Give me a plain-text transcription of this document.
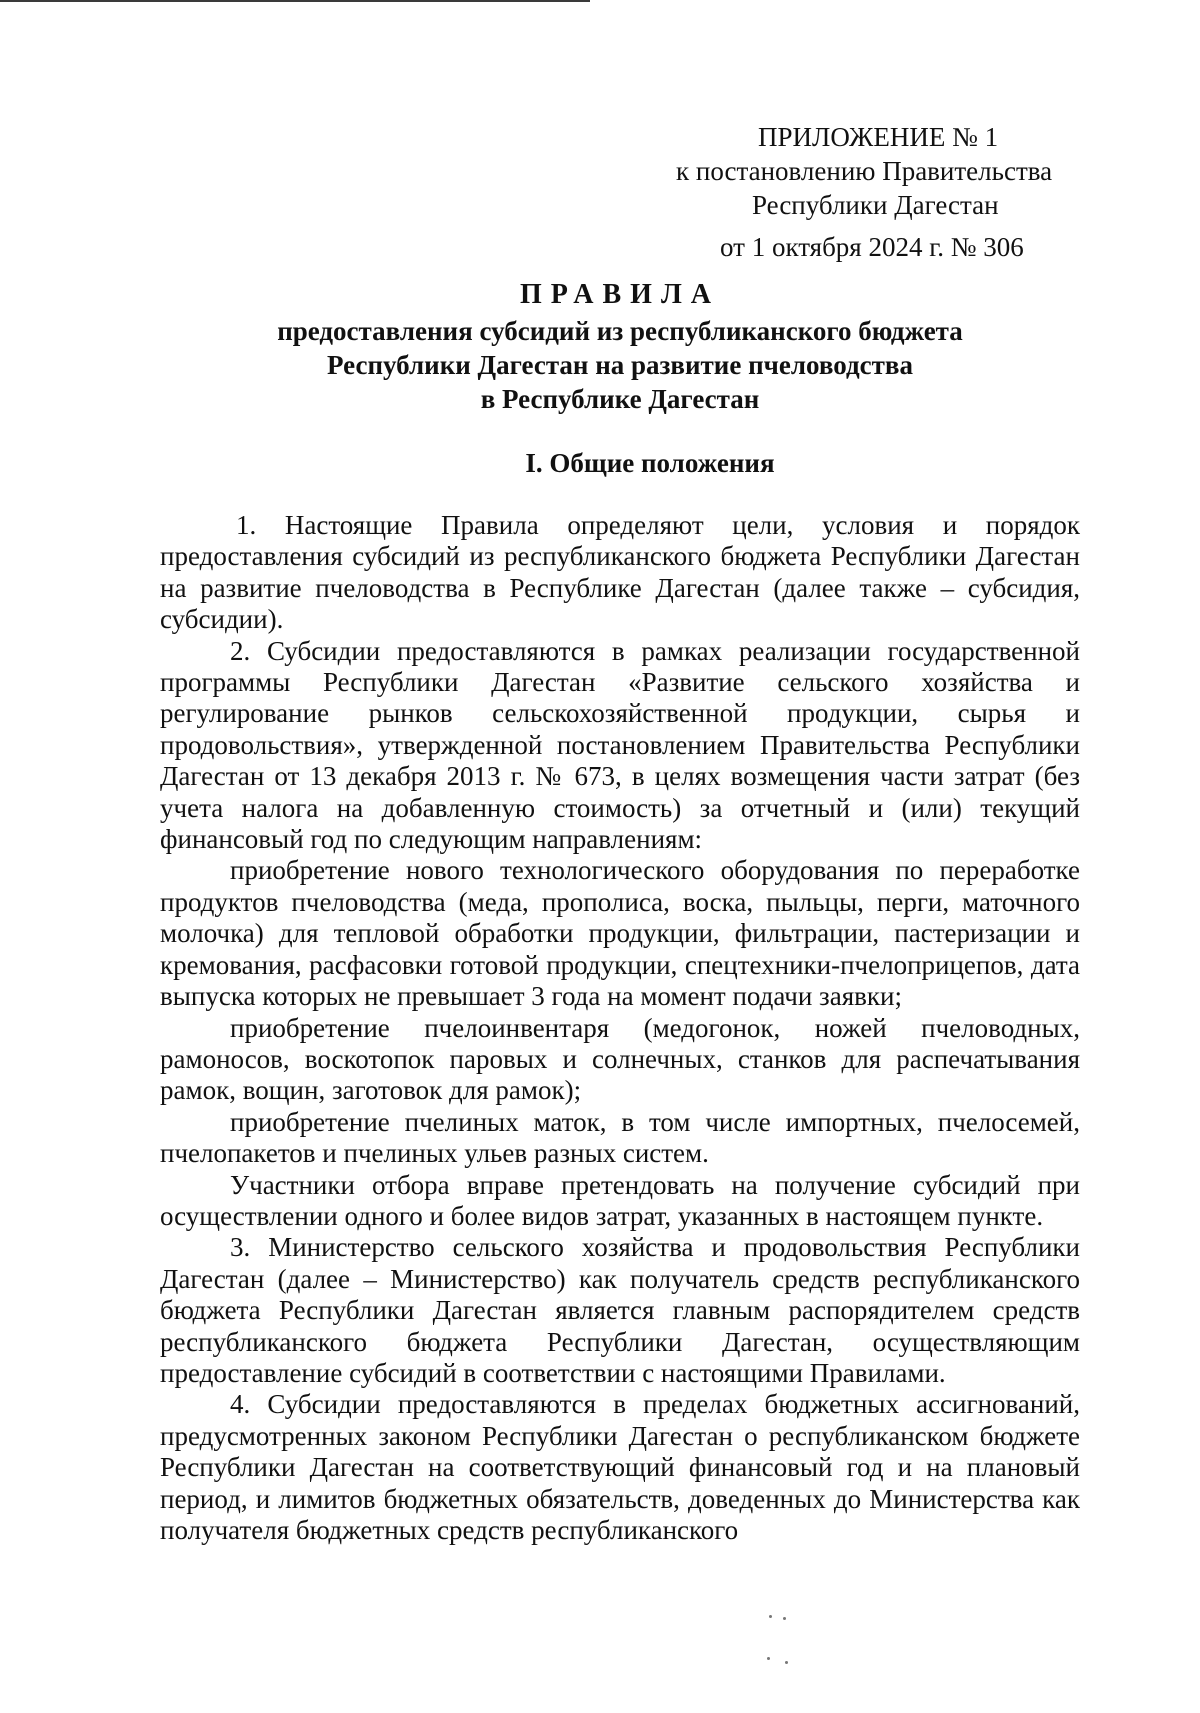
ПРИЛОЖЕНИЕ № 1
к постановлению Правительства
Республики Дагестан
от 1 октября 2024 г. № 306
ПРАВИЛА
предоставления субсидий из республиканского бюджета
Республики Дагестан на развитие пчеловодства
в Республике Дагестан
I. Общие положения

1. Настоящие Правила определяют цели, условия и порядок предоставления субсидий из республиканского бюджета Республики Дагестан на развитие пчеловодства в Республике Дагестан (далее также – субсидия, субсидии).

2. Субсидии предоставляются в рамках реализации государственной программы Республики Дагестан «Развитие сельского хозяйства и регулирование рынков сельскохозяйственной продукции, сырья и продовольствия», утвержденной постановлением Правительства Республики Дагестан от 13 декабря 2013 г. № 673, в целях возмещения части затрат (без учета налога на добавленную стоимость) за отчетный и (или) текущий финансовый год по следующим направлениям:

приобретение нового технологического оборудования по переработке продуктов пчеловодства (меда, прополиса, воска, пыльцы, перги, маточного молочка) для тепловой обработки продукции, фильтрации, пастеризации и кремования, расфасовки готовой продукции, спецтехники-пчелоприцепов, дата выпуска которых не превышает 3 года на момент подачи заявки;

приобретение пчелоинвентаря (медогонок, ножей пчеловодных, рамоносов, воскотопок паровых и солнечных, станков для распечатывания рамок, вощин, заготовок для рамок);

приобретение пчелиных маток, в том числе импортных, пчелосемей, пчелопакетов и пчелиных ульев разных систем.

Участники отбора вправе претендовать на получение субсидий при осуществлении одного и более видов затрат, указанных в настоящем пункте.

3. Министерство сельского хозяйства и продовольствия Республики Дагестан (далее – Министерство) как получатель средств республиканского бюджета Республики Дагестан является главным распорядителем средств республиканского бюджета Республики Дагестан, осуществляющим предоставление субсидий в соответствии с настоящими Правилами.

4. Субсидии предоставляются в пределах бюджетных ассигнований, предусмотренных законом Республики Дагестан о республиканском бюджете Республики Дагестан на соответствующий финансовый год и на плановый период, и лимитов бюджетных обязательств, доведенных до Министерства как получателя бюджетных средств республиканского
